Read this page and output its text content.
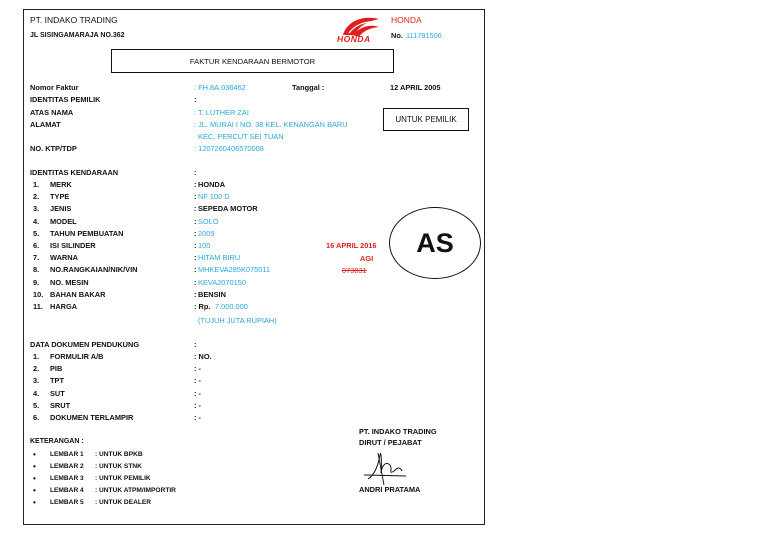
PT. INDAKO TRADING
JL SISINGAMARAJA NO.362	HONDA
HONDA
No. 111791506
FAKTUR KENDARAAN BERMOTOR
UNTUK PEMILIK
Nomor Faktur	: FH.8A.036462	Tanggal :	12 APRIL 2005
IDENTITAS PEMILIK	:
ATAS NAMA	: T. LUTHER ZAI
ALAMAT	: JL. MURAI I NO. 38 KEL. KENANGAN BARU
KEC. PERCUT SEI TUAN
NO. KTP/TDP	: 1207260406570008
IDENTITAS KENDARAAN	:
1. MERK	: HONDA
2. TYPE	: NF 100 D
3. JENIS	: SEPEDA MOTOR
4. MODEL	: SOLO
5. TAHUN PEMBUATAN	: 2005
6. ISI SILINDER	: 100
7. WARNA	: HITAM BIRU
8. NO.RANGKAIAN/NIK/VIN	: MHKEVA285K075011
9. NO. MESIN	: KEVA2070150
10. BAHAN BAKAR	: BENSIN
11. HARGA	: Rp. 7.000.000
(TUJUH JUTA RUPIAH)
16 APRIL 2016
AGI
073831
AS
DATA DOKUMEN PENDUKUNG	:
1. FORMULIR A/B	: NO.
2. PIB	: -
3. TPT	: -
4. SUT	: -
5. SRUT	: -
6. DOKUMEN TERLAMPIR	: -
KETERANGAN :
• LEMBAR 1 : UNTUK BPKB
• LEMBAR 2 : UNTUK STNK
• LEMBAR 3 : UNTUK PEMILIK
• LEMBAR 4 : UNTUK ATPM/IMPORTIR
• LEMBAR 5 : UNTUK DEALER
PT. INDAKO TRADING
DIRUT / PEJABAT
ANDRI PRATAMA
